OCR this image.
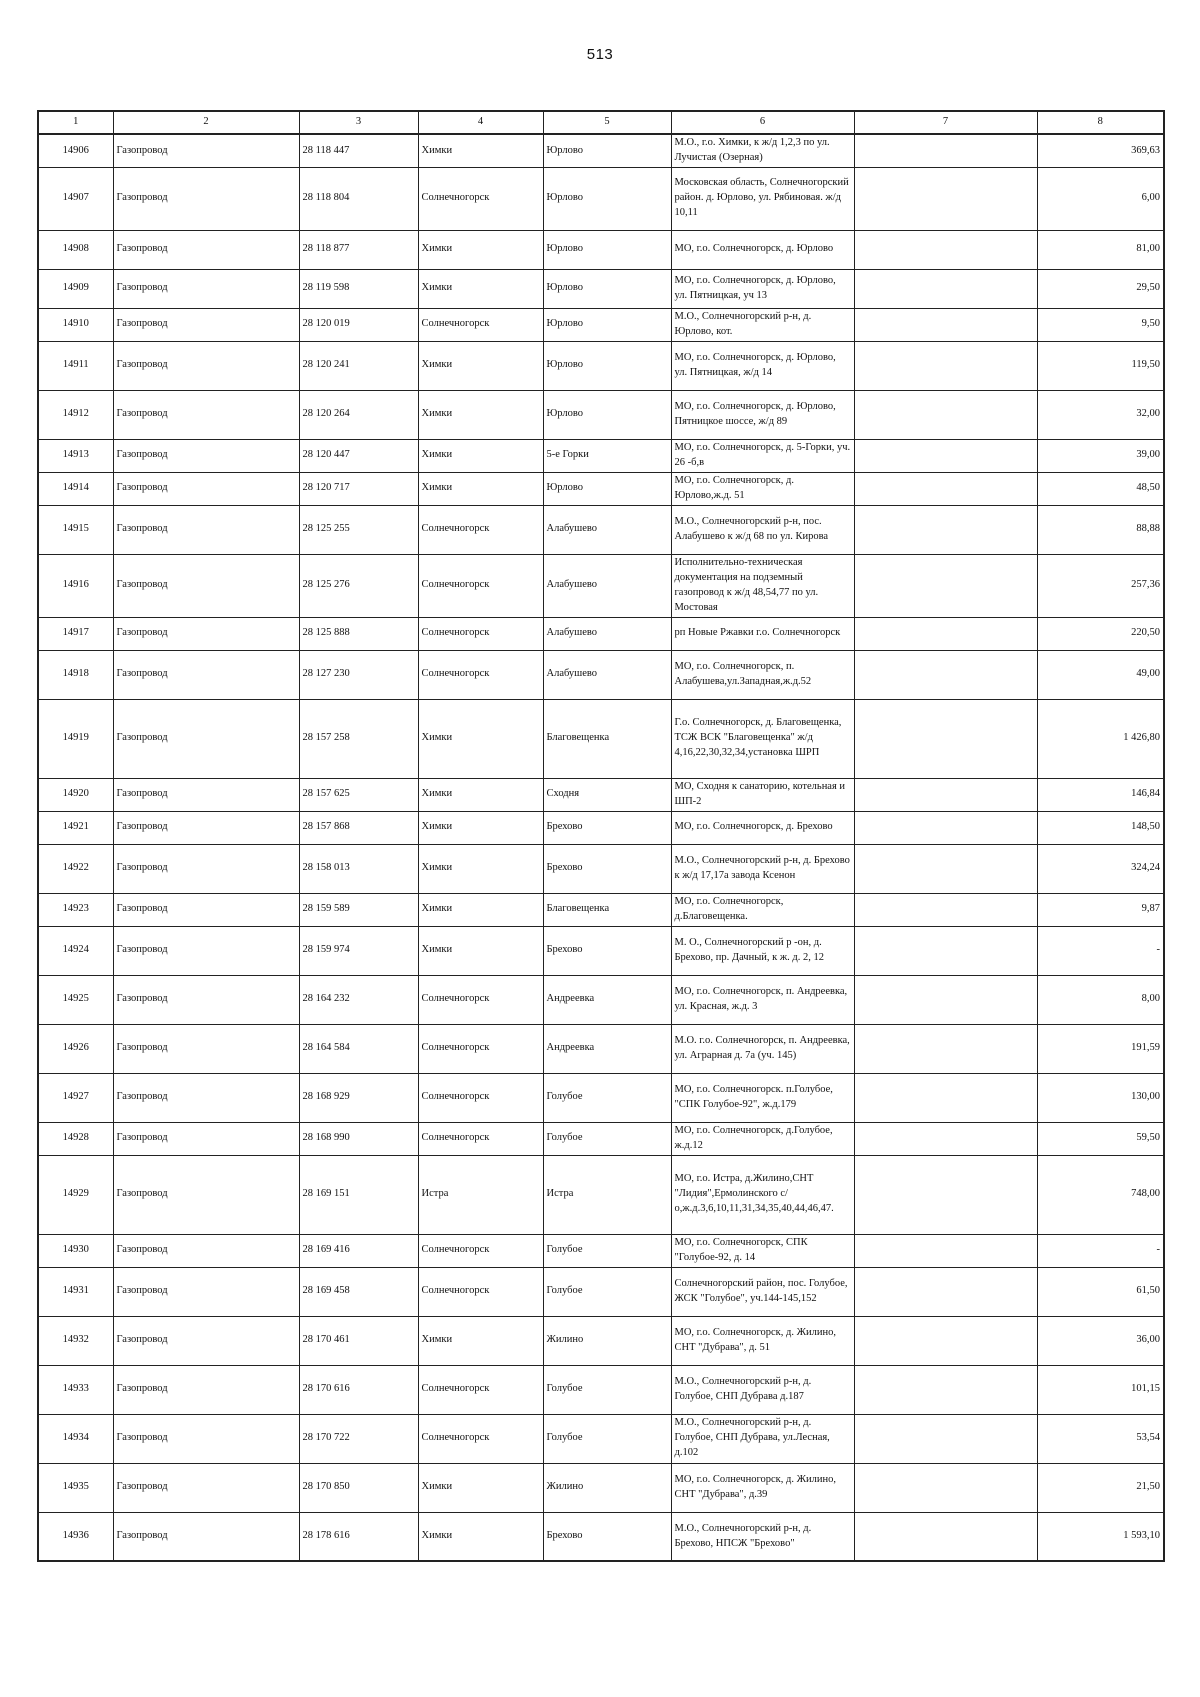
513
1	2	3	4	5	6	7	8
14906	Газопровод	28 118 447	Химки	Юрлово	М.О., г.о. Химки, к ж/д 1,2,3 по ул. Лучистая (Озерная)		369,63
14907	Газопровод	28 118 804	Солнечногорск	Юрлово	Московская область, Солнечногорский район. д. Юрлово, ул. Рябиновая. ж/д 10,11		6,00
14908	Газопровод	28 118 877	Химки	Юрлово	МО, г.о. Солнечногорск, д. Юрлово		81,00
14909	Газопровод	28 119 598	Химки	Юрлово	МО, г.о. Солнечногорск, д. Юрлово, ул. Пятницкая, уч 13		29,50
14910	Газопровод	28 120 019	Солнечногорск	Юрлово	М.О., Солнечногорский р-н, д. Юрлово, кот.		9,50
14911	Газопровод	28 120 241	Химки	Юрлово	МО, г.о. Солнечногорск, д. Юрлово, ул. Пятницкая, ж/д 14		119,50
14912	Газопровод	28 120 264	Химки	Юрлово	МО, г.о. Солнечногорск, д. Юрлово, Пятницкое шоссе, ж/д 89		32,00
14913	Газопровод	28 120 447	Химки	5-е Горки	МО, г.о. Солнечногорск, д. 5-Горки, уч. 26 -б,в		39,00
14914	Газопровод	28 120 717	Химки	Юрлово	МО, г.о. Солнечногорск, д. Юрлово,ж.д. 51		48,50
14915	Газопровод	28 125 255	Солнечногорск	Алабушево	М.О., Солнечногорский р-н, пос. Алабушево к ж/д 68 по ул. Кирова		88,88
14916	Газопровод	28 125 276	Солнечногорск	Алабушево	Исполнительно-техническая документация на подземный газопровод к ж/д 48,54,77 по ул. Мостовая		257,36
14917	Газопровод	28 125 888	Солнечногорск	Алабушево	рп Новые Ржавки г.о. Солнечногорск		220,50
14918	Газопровод	28 127 230	Солнечногорск	Алабушево	МО, г.о. Солнечногорск, п. Алабушева,ул.Западная,ж.д.52		49,00
14919	Газопровод	28 157 258	Химки	Благовещенка	Г.о. Солнечногорск, д. Благовещенка, ТСЖ ВСК "Благовещенка" ж/д 4,16,22,30,32,34,установка ШРП		1 426,80
14920	Газопровод	28 157 625	Химки	Сходня	МО, Сходня к санаторию, котельная и ШП-2		146,84
14921	Газопровод	28 157 868	Химки	Брехово	МО, г.о. Солнечногорск, д. Брехово		148,50
14922	Газопровод	28 158 013	Химки	Брехово	М.О., Солнечногорский р-н, д. Брехово к ж/д 17,17а завода Ксенон		324,24
14923	Газопровод	28 159 589	Химки	Благовещенка	МО, г.о. Солнечногорск, д.Благовещенка.		9,87
14924	Газопровод	28 159 974	Химки	Брехово	М. О., Солнечногорский р -он, д. Брехово, пр. Дачный, к ж. д. 2, 12		-
14925	Газопровод	28 164 232	Солнечногорск	Андреевка	МО, г.о. Солнечногорск, п. Андреевка, ул. Красная, ж.д. 3		8,00
14926	Газопровод	28 164 584	Солнечногорск	Андреевка	М.О. г.о. Солнечногорск, п. Андреевка, ул. Аграрная д. 7а (уч. 145)		191,59
14927	Газопровод	28 168 929	Солнечногорск	Голубое	МО, г.о. Солнечногорск. п.Голубое, "СПК Голубое-92", ж.д.179		130,00
14928	Газопровод	28 168 990	Солнечногорск	Голубое	МО, г.о. Солнечногорск, д.Голубое, ж.д.12		59,50
14929	Газопровод	28 169 151	Истра	Истра	МО, г.о. Истра, д.Жилино,СНТ "Лидия",Ермолинского с/о,ж.д.3,6,10,11,31,34,35,40,44,46,47.		748,00
14930	Газопровод	28 169 416	Солнечногорск	Голубое	МО, г.о. Солнечногорск, СПК "Голубое-92, д. 14		-
14931	Газопровод	28 169 458	Солнечногорск	Голубое	Солнечногорский район, пос. Голубое, ЖСК "Голубое", уч.144-145,152		61,50
14932	Газопровод	28 170 461	Химки	Жилино	МО, г.о. Солнечногорск, д. Жилино, СНТ "Дубрава", д. 51		36,00
14933	Газопровод	28 170 616	Солнечногорск	Голубое	М.О., Солнечногорский р-н, д. Голубое, СНП Дубрава д.187		101,15
14934	Газопровод	28 170 722	Солнечногорск	Голубое	М.О., Солнечногорский р-н, д. Голубое, СНП Дубрава, ул.Лесная, д.102		53,54
14935	Газопровод	28 170 850	Химки	Жилино	МО, г.о. Солнечногорск, д. Жилино, СНТ "Дубрава", д.39		21,50
14936	Газопровод	28 178 616	Химки	Брехово	М.О., Солнечногорский р-н, д. Брехово, НПСЖ "Брехово"		1 593,10
